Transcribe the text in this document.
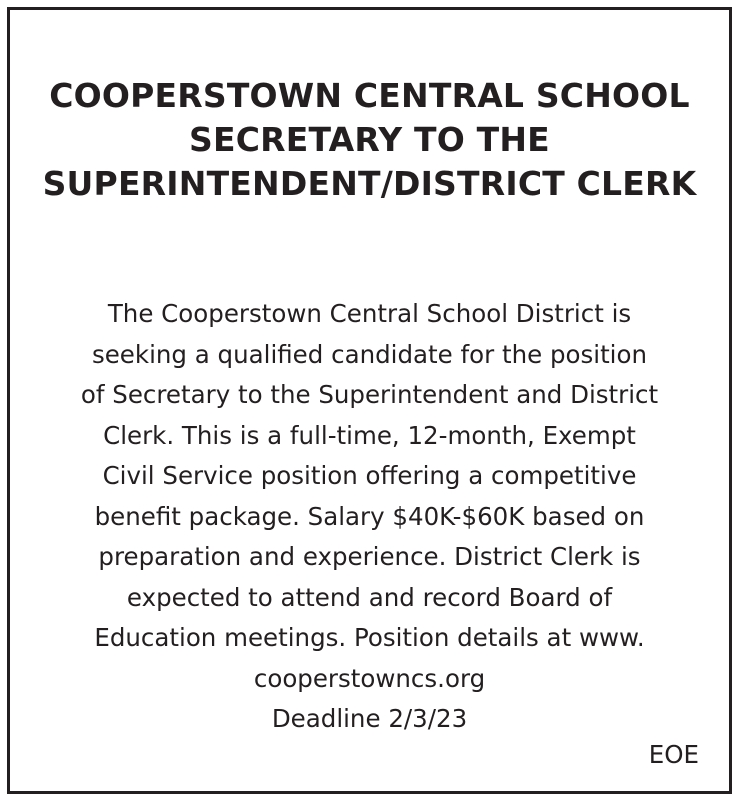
COOPERSTOWN CENTRAL SCHOOL
SECRETARY TO THE
SUPERINTENDENT/DISTRICT CLERK
The Cooperstown Central School District is
seeking a qualified candidate for the position
of Secretary to the Superintendent and District
Clerk. This is a full-time, 12-month, Exempt
Civil Service position offering a competitive
benefit package. Salary $40K-$60K based on
preparation and experience. District Clerk is
expected to attend and record Board of
Education meetings. Position details at www.
cooperstowncs.org
Deadline 2/3/23
EOE
